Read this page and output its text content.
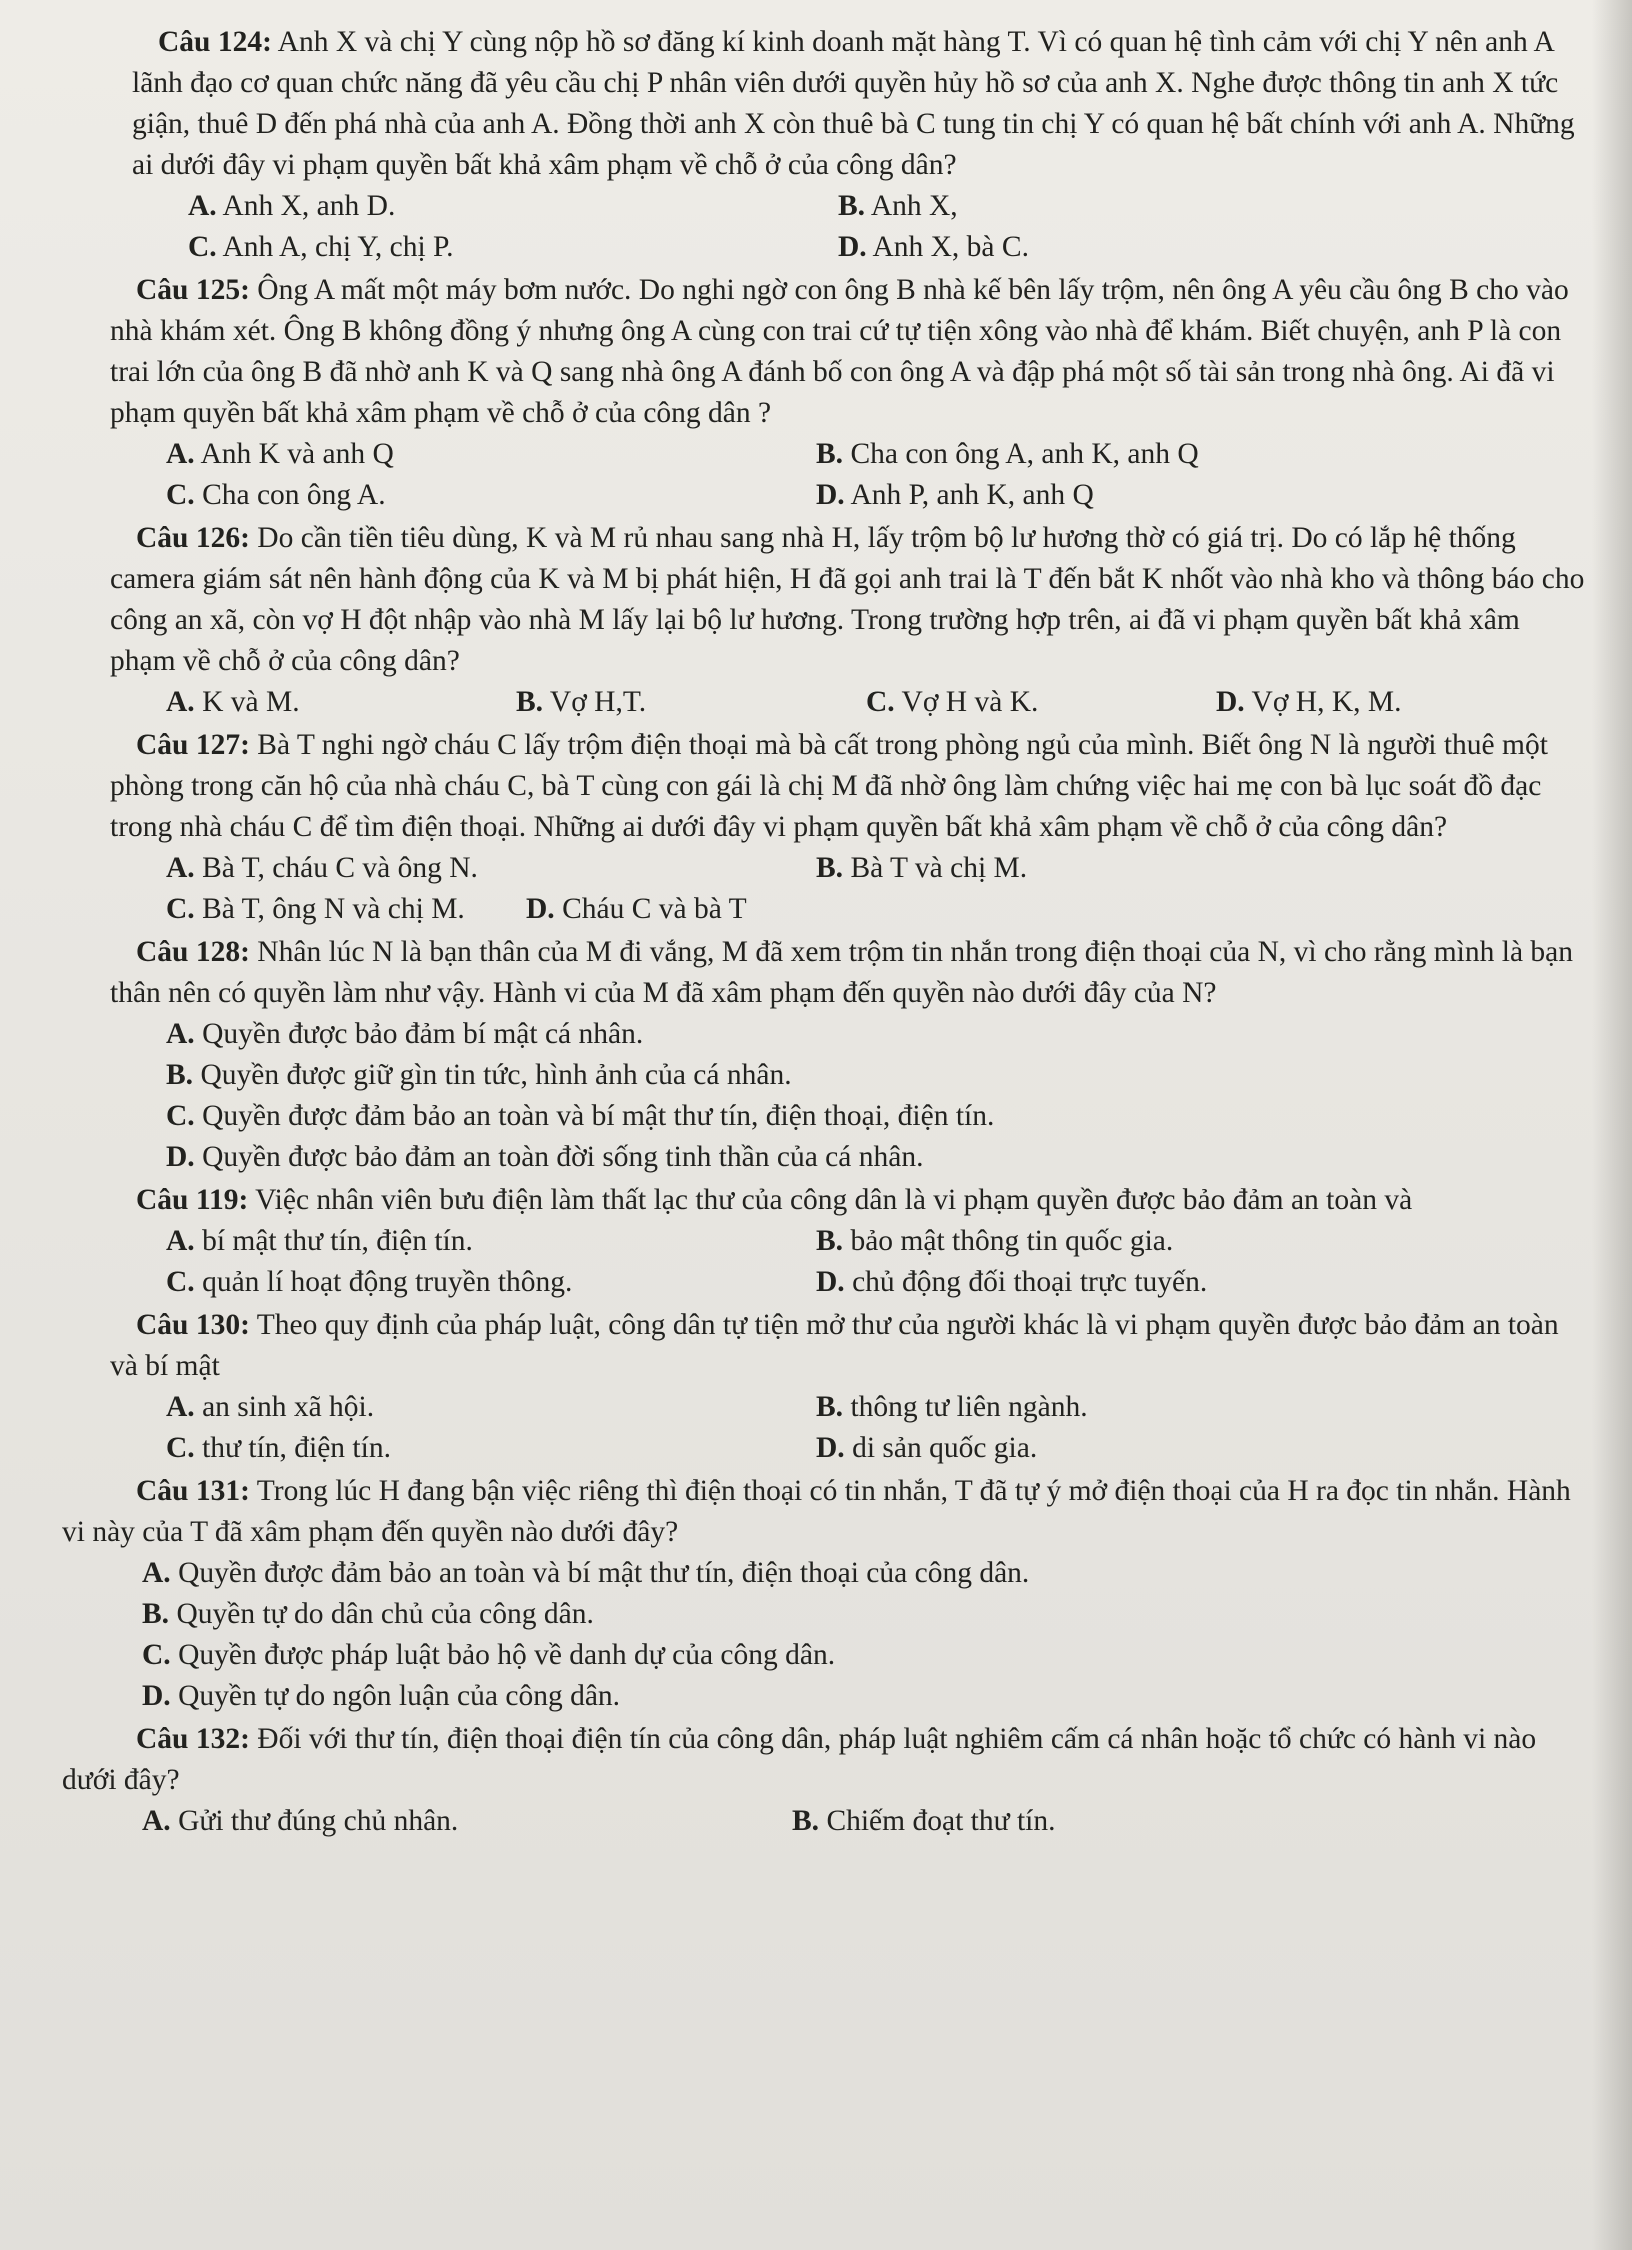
Câu 124: Anh X và chị Y cùng nộp hồ sơ đăng kí kinh doanh mặt hàng T. Vì có quan hệ tình cảm với chị Y nên anh A lãnh đạo cơ quan chức năng đã yêu cầu chị P nhân viên dưới quyền hủy hồ sơ của anh X. Nghe được thông tin anh X tức giận, thuê D đến phá nhà của anh A. Đồng thời anh X còn thuê bà C tung tin chị Y có quan hệ bất chính với anh A. Những ai dưới đây vi phạm quyền bất khả xâm phạm về chỗ ở của công dân?

A. Anh X, anh D.	B. Anh X,
C. Anh A, chị Y, chị P.	D. Anh X, bà C.

Câu 125: Ông A mất một máy bơm nước. Do nghi ngờ con ông B nhà kế bên lấy trộm, nên ông A yêu cầu ông B cho vào nhà khám xét. Ông B không đồng ý nhưng ông A cùng con trai cứ tự tiện xông vào nhà để khám. Biết chuyện, anh P là con trai lớn của ông B đã nhờ anh K và Q sang nhà ông A đánh bố con ông A và đập phá một số tài sản trong nhà ông. Ai đã vi phạm quyền bất khả xâm phạm về chỗ ở của công dân ?

A. Anh K và anh Q	B. Cha con ông A, anh K, anh Q
C. Cha con ông A.	D. Anh P, anh K, anh Q

Câu 126: Do cần tiền tiêu dùng, K và M rủ nhau sang nhà H, lấy trộm bộ lư hương thờ có giá trị. Do có lắp hệ thống camera giám sát nên hành động của K và M bị phát hiện, H đã gọi anh trai là T đến bắt K nhốt vào nhà kho và thông báo cho công an xã, còn vợ H đột nhập vào nhà M lấy lại bộ lư hương. Trong trường hợp trên, ai đã vi phạm quyền bất khả xâm phạm về chỗ ở của công dân?

A. K và M.	B. Vợ H,T.	C. Vợ H và K.	D. Vợ H, K, M.

Câu 127: Bà T nghi ngờ cháu C lấy trộm điện thoại mà bà cất trong phòng ngủ của mình. Biết ông N là người thuê một phòng trong căn hộ của nhà cháu C, bà T cùng con gái là chị M đã nhờ ông làm chứng việc hai mẹ con bà lục soát đồ đạc trong nhà cháu C để tìm điện thoại. Những ai dưới đây vi phạm quyền bất khả xâm phạm về chỗ ở của công dân?

A. Bà T, cháu C và ông N.	B. Bà T và chị M.
C. Bà T, ông N và chị M.	D. Cháu C và bà T

Câu 128: Nhân lúc N là bạn thân của M đi vắng, M đã xem trộm tin nhắn trong điện thoại của N, vì cho rằng mình là bạn thân nên có quyền làm như vậy. Hành vi của M đã xâm phạm đến quyền nào dưới đây của N?

A. Quyền được bảo đảm bí mật cá nhân.
B. Quyền được giữ gìn tin tức, hình ảnh của cá nhân.
C. Quyền được đảm bảo an toàn và bí mật thư tín, điện thoại, điện tín.
D. Quyền được bảo đảm an toàn đời sống tinh thần của cá nhân.

Câu 119: Việc nhân viên bưu điện làm thất lạc thư của công dân là vi phạm quyền được bảo đảm an toàn và

A. bí mật thư tín, điện tín.	B. bảo mật thông tin quốc gia.
C. quản lí hoạt động truyền thông.	D. chủ động đối thoại trực tuyến.

Câu 130: Theo quy định của pháp luật, công dân tự tiện mở thư của người khác là vi phạm quyền được bảo đảm an toàn và bí mật

A. an sinh xã hội.	B. thông tư liên ngành.
C. thư tín, điện tín.	D. di sản quốc gia.

Câu 131: Trong lúc H đang bận việc riêng thì điện thoại có tin nhắn, T đã tự ý mở điện thoại của H ra đọc tin nhắn. Hành vi này của T đã xâm phạm đến quyền nào dưới đây?

A. Quyền được đảm bảo an toàn và bí mật thư tín, điện thoại của công dân.
B. Quyền tự do dân chủ của công dân.
C. Quyền được pháp luật bảo hộ về danh dự của công dân.
D. Quyền tự do ngôn luận của công dân.

Câu 132: Đối với thư tín, điện thoại điện tín của công dân, pháp luật nghiêm cấm cá nhân hoặc tổ chức có hành vi nào dưới đây?

A. Gửi thư đúng chủ nhân.	B. Chiếm đoạt thư tín.
